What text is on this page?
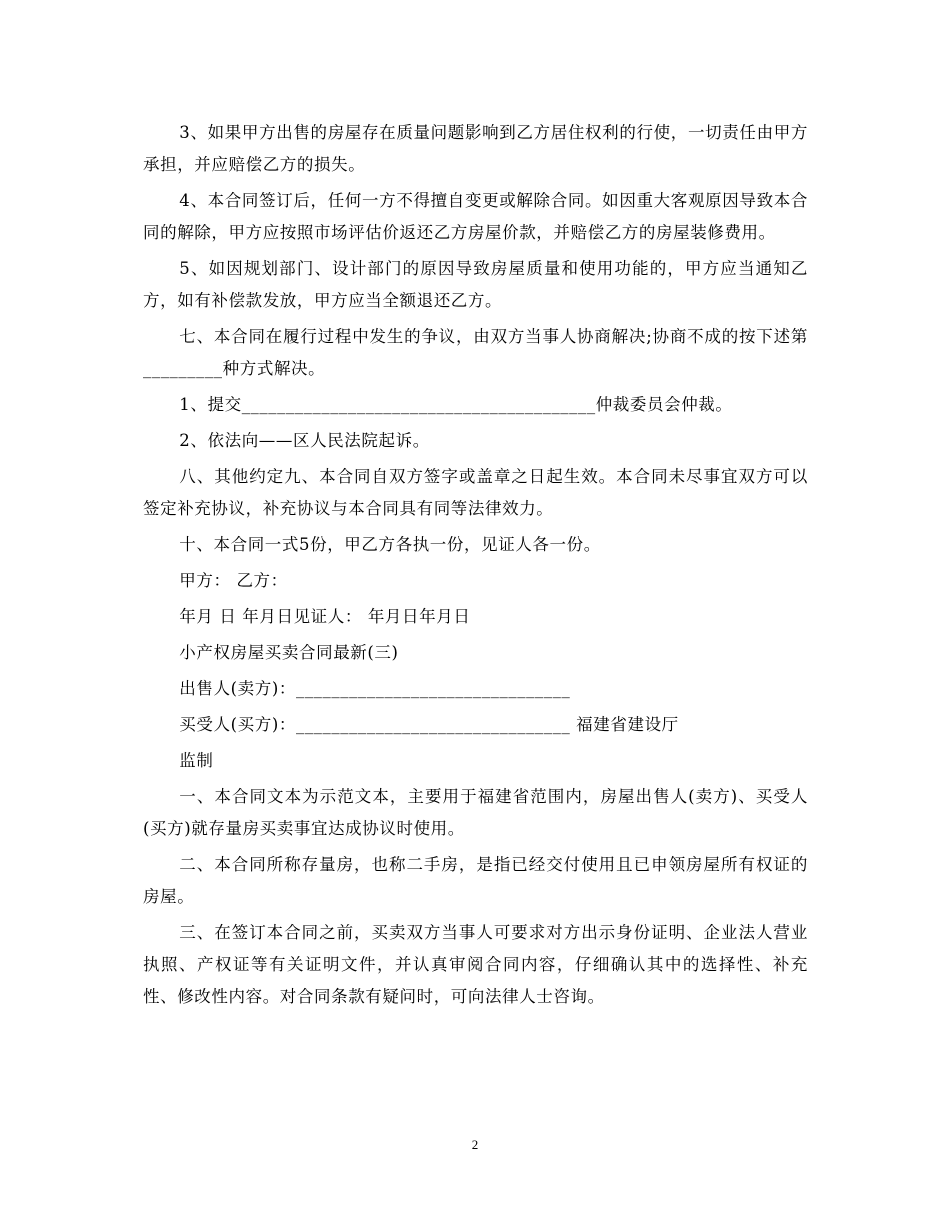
3、如果甲方出售的房屋存在质量问题影响到乙方居住权利的行使，一切责任由甲方承担，并应赔偿乙方的损失。

4、本合同签订后，任何一方不得擅自变更或解除合同。如因重大客观原因导致本合同的解除，甲方应按照市场评估价返还乙方房屋价款，并赔偿乙方的房屋装修费用。

5、如因规划部门、设计部门的原因导致房屋质量和使用功能的，甲方应当通知乙方，如有补偿款发放，甲方应当全额退还乙方。

七、本合同在履行过程中发生的争议，由双方当事人协商解决;协商不成的按下述第_________种方式解决。

1、提交________________________________________仲裁委员会仲裁。

2、依法向——区人民法院起诉。

八、其他约定九、本合同自双方签字或盖章之日起生效。本合同未尽事宜双方可以签定补充协议，补充协议与本合同具有同等法律效力。

十、本合同一式5份，甲乙方各执一份，见证人各一份。

甲方： 乙方：

年月 日 年月日见证人： 年月日年月日

小产权房屋买卖合同最新(三)

出售人(卖方)：_______________________________

买受人(买方)：_______________________________ 福建省建设厅

监制

一、本合同文本为示范文本，主要用于福建省范围内，房屋出售人(卖方)、买受人(买方)就存量房买卖事宜达成协议时使用。

二、本合同所称存量房，也称二手房，是指已经交付使用且已申领房屋所有权证的房屋。

三、在签订本合同之前，买卖双方当事人可要求对方出示身份证明、企业法人营业执照、产权证等有关证明文件，并认真审阅合同内容，仔细确认其中的选择性、补充性、修改性内容。对合同条款有疑问时，可向法律人士咨询。

2
